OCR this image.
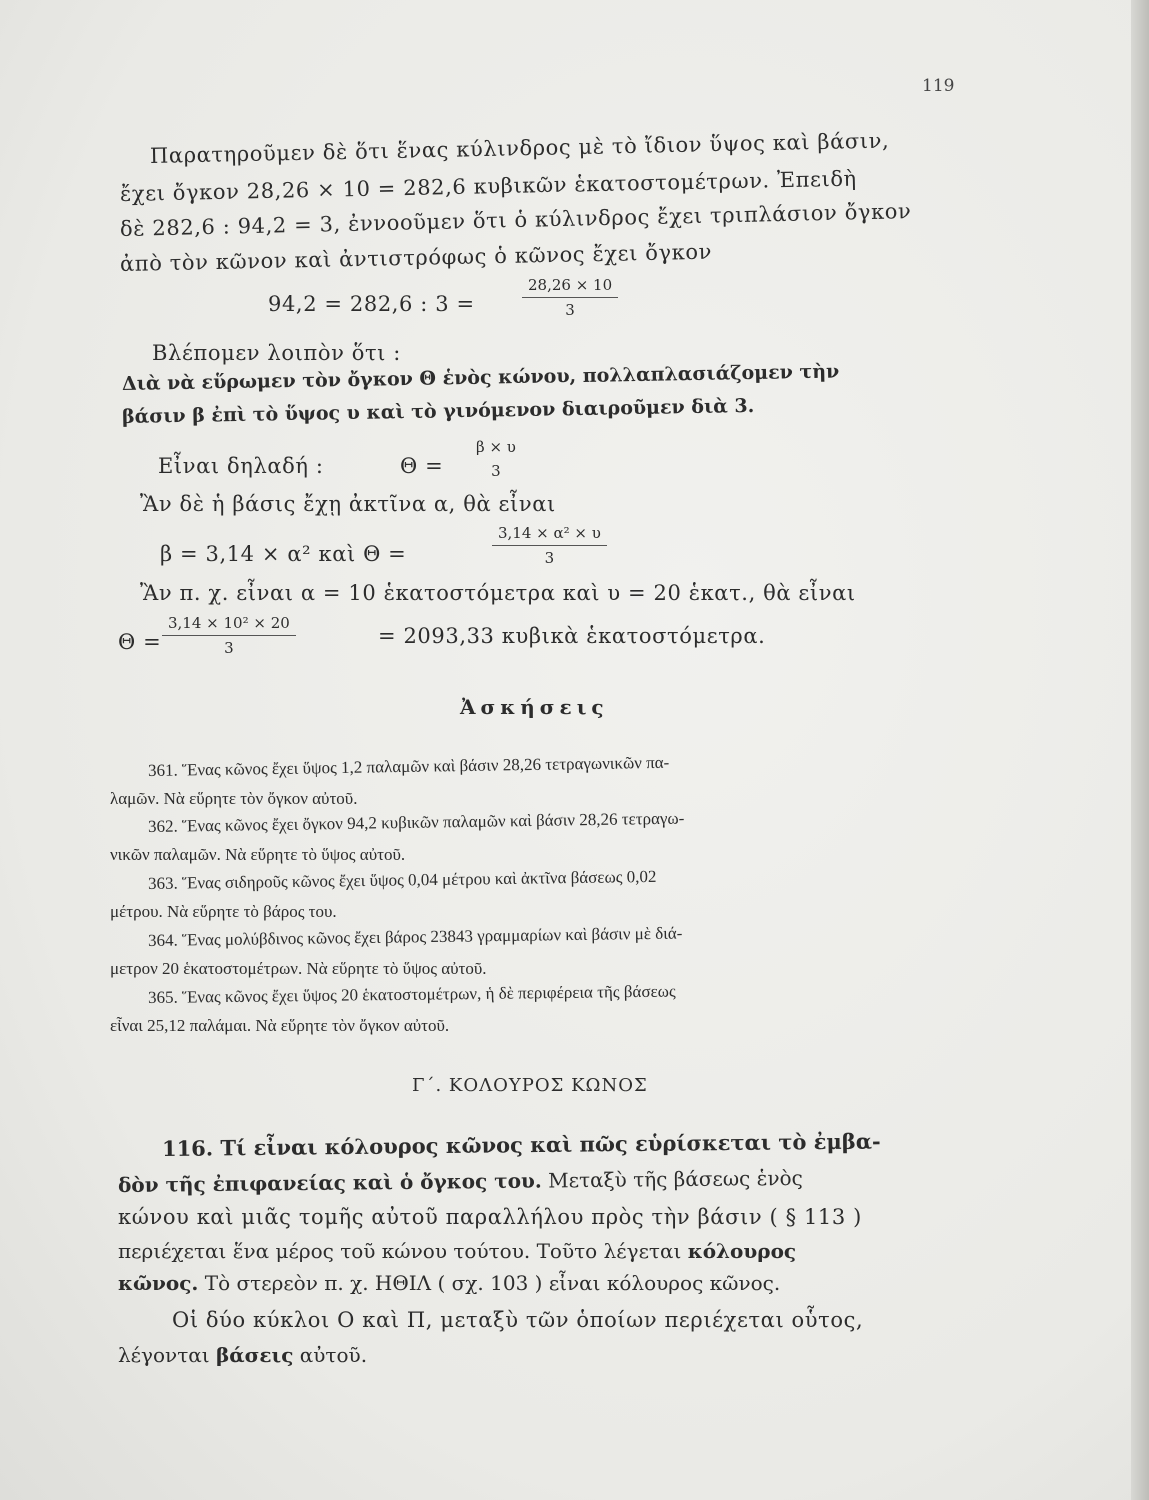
119
Παρατηροῦμεν δὲ ὅτι ἕνας κύλινδρος μὲ τὸ ἴδιον ὕψος καὶ βάσιν,
ἔχει ὄγκον 28,26 × 10 = 282,6 κυβικῶν ἑκατοστομέτρων. Ἐπειδὴ
δὲ 282,6 : 94,2 = 3, ἐννοοῦμεν ὅτι ὁ κύλινδρος ἔχει τριπλάσιον ὄγκον
ἀπὸ τὸν κῶνον καὶ ἀντιστρόφως ὁ κῶνος ἔχει ὄγκον
94,2 = 282,6 : 3 =	$\frac{28,26 \times 10}{3}$
Βλέπομεν λοιπὸν ὅτι :
Διὰ νὰ εὕρωμεν τὸν ὄγκον Θ ἑνὸς κώνου, πολλαπλασιάζομεν τὴν
βάσιν β ἐπὶ τὸ ὕψος υ καὶ τὸ γινόμενον διαιροῦμεν διὰ 3.
Εἶναι δηλαδή :	Θ =
β × υ
3
Ἂν δὲ ἡ βάσις ἔχῃ ἀκτῖνα α, θὰ εἶναι
β = 3,14 × α² καὶ Θ =	$\frac{\text{3,14 × α² × υ}}{3}$
Ἂν π. χ. εἶναι α = 10 ἑκατοστόμετρα καὶ υ = 20 ἑκατ., θὰ εἶναι
$\Theta = \frac{\text{3,14 × 10² × 20}}{3}$	= 2093,33 κυβικὰ ἑκατοστόμετρα.
Ἀσκήσεις
361. Ἕνας κῶνος ἔχει ὕψος 1,2 παλαμῶν καὶ βάσιν 28,26 τετραγωνικῶν πα-
λαμῶν. Νὰ εὕρητε τὸν ὄγκον αὐτοῦ.
362. Ἕνας κῶνος ἔχει ὄγκον 94,2 κυβικῶν παλαμῶν καὶ βάσιν 28,26 τετραγω-
νικῶν παλαμῶν. Νὰ εὕρητε τὸ ὕψος αὐτοῦ.
363. Ἕνας σιδηροῦς κῶνος ἔχει ὕψος 0,04 μέτρου καὶ ἀκτῖνα βάσεως 0,02
μέτρου. Νὰ εὕρητε τὸ βάρος του.
364. Ἕνας μολύβδινος κῶνος ἔχει βάρος 23843 γραμμαρίων καὶ βάσιν μὲ διά-
μετρον 20 ἑκατοστομέτρων. Νὰ εὕρητε τὸ ὕψος αὐτοῦ.
365. Ἕνας κῶνος ἔχει ὕψος 20 ἑκατοστομέτρων, ἡ δὲ περιφέρεια τῆς βάσεως
εἶναι 25,12 παλάμαι. Νὰ εὕρητε τὸν ὄγκον αὐτοῦ.
Γ΄. ΚΟΛΟΥΡΟΣ ΚΩΝΟΣ
116. Τί εἶναι κόλουρος κῶνος καὶ πῶς εὑρίσκεται τὸ ἐμβα-
δὸν τῆς ἐπιφανείας καὶ ὁ ὄγκος του. Μεταξὺ τῆς βάσεως ἑνὸς
κώνου καὶ μιᾶς τομῆς αὐτοῦ παραλλήλου πρὸς τὴν βάσιν ( § 113 )
περιέχεται ἕνα μέρος τοῦ κώνου τούτου. Τοῦτο λέγεται κόλουρος
κῶνος. Τὸ στερεὸν π. χ. ΗΘΙΛ ( σχ. 103 ) εἶναι κόλουρος κῶνος.
Οἱ δύο κύκλοι Ο καὶ Π, μεταξὺ τῶν ὁποίων περιέχεται οὗτος,
λέγονται βάσεις αὐτοῦ.
